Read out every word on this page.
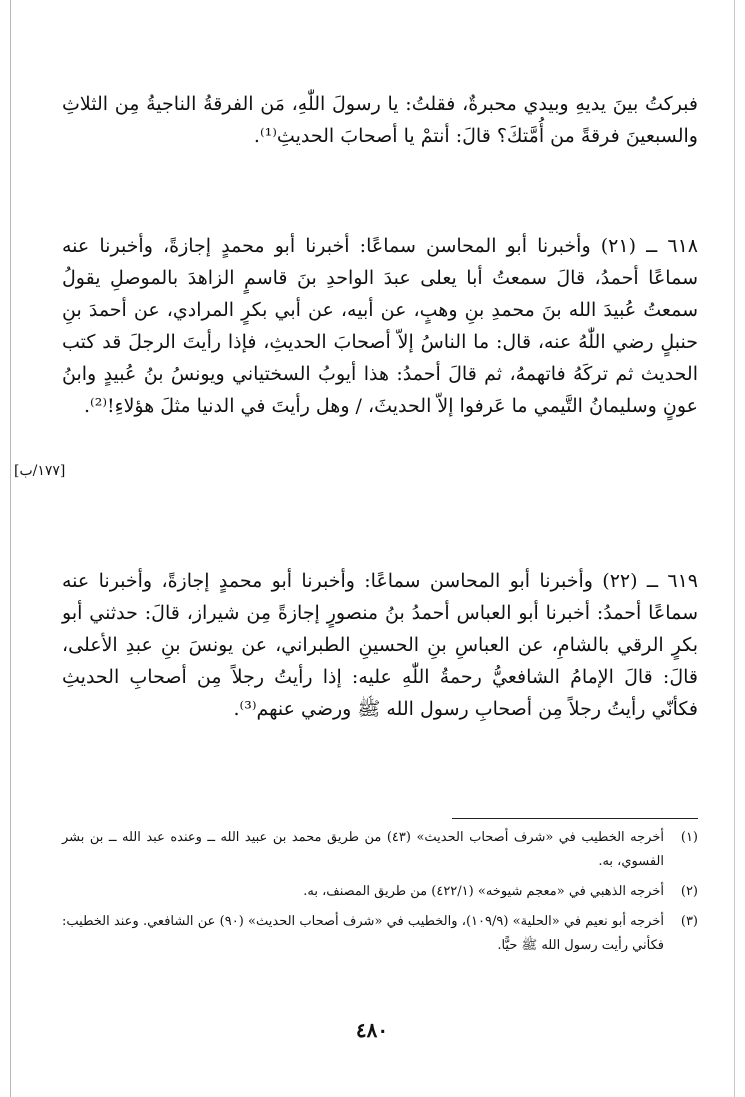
فبركتُ بينَ يديهِ وبيدي محبرةٌ، فقلتُ: يا رسولَ اللّٰهِ، مَن الفرقةُ الناجيةُ مِن الثلاثِ والسبعينَ فرقةً من أُمَّتكَ؟ قالَ: أنتمْ يا أصحابَ الحديثِ⁽¹⁾.

٦١٨ ــ (٢١) وأخبرنا أبو المحاسن سماعًا: أخبرنا أبو محمدٍ إجازةً، وأخبرنا عنه سماعًا أحمدُ، قالَ سمعتُ أبا يعلى عبدَ الواحدِ بنَ قاسمٍ الزاهدَ بالموصلِ يقولُ سمعتُ عُبيدَ الله بنَ محمدِ بنِ وهبٍ، عن أبيه، عن أبي بكرٍ المرادي، عن أحمدَ بنِ حنبلٍ رضي اللّٰهُ عنه، قال: ما الناسُ إلاّ أصحابَ الحديثِ، فإذا رأيتَ الرجلَ قد كتب الحديث ثم تركَهُ فاتهمهُ، ثم قالَ أحمدُ: هذا أيوبُ السختياني ويونسُ بنُ عُبيدٍ وابنُ عونٍ وسليمانُ التَّيمي ما عَرفوا إلاّ الحديثَ، / وهل رأيتَ في الدنيا مثلَ هؤلاءِ!⁽²⁾.

[١٧٧/ب]

٦١٩ ــ (٢٢) وأخبرنا أبو المحاسن سماعًا: وأخبرنا أبو محمدٍ إجازةً، وأخبرنا عنه سماعًا أحمدُ: أخبرنا أبو العباس أحمدُ بنُ منصورٍ إجازةً مِن شيراز، قالَ: حدثني أبو بكرٍ الرقي بالشامِ، عن العباسِ بنِ الحسينِ الطبراني، عن يونسَ بنِ عبدِ الأعلى، قالَ: قالَ الإمامُ الشافعيُّ رحمةُ اللّٰهِ عليه: إذا رأيتُ رجلاً مِن أصحابِ الحديثِ فكأنّي رأيتُ رجلاً مِن أصحابِ رسول الله ﷺ ورضي عنهم⁽³⁾.

(١)
أخرجه الخطيب في «شرف أصحاب الحديث» (٤٣) من طريق محمد بن عبيد الله ــ وعنده عبد الله ــ بن بشر الفسوي، به.
(٢)
أخرجه الذهبي في «معجم شيوخه» (٤٢٢/١) من طريق المصنف، به.
(٣)
أخرجه أبو نعيم في «الحلية» (١٠٩/٩)، والخطيب في «شرف أصحاب الحديث» (٩٠) عن الشافعي. وعند الخطيب: فكأني رأيت رسول الله ﷺ حيًّا.
٤٨٠
